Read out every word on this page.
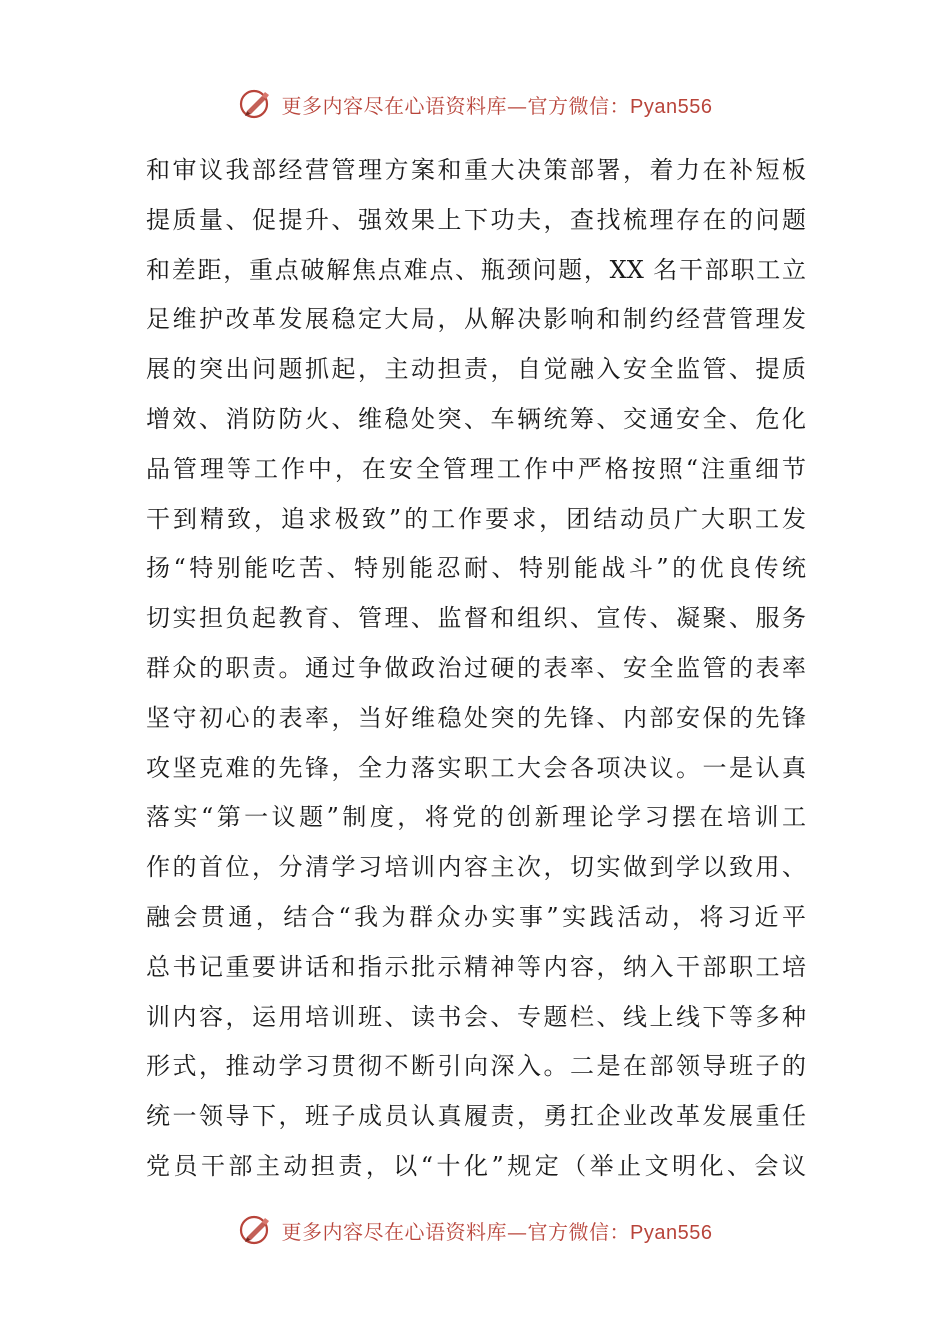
更多内容尽在心语资料库—官方微信：Pyan556
和审议我部经营管理方案和重大决策部署，着力在补短板
提质量、促提升、强效果上下功夫，查找梳理存在的问题
和差距，重点破解焦点难点、瓶颈问题，XX 名干部职工立
足维护改革发展稳定大局，从解决影响和制约经营管理发
展的突出问题抓起，主动担责，自觉融入安全监管、提质
增效、消防防火、维稳处突、车辆统筹、交通安全、危化
品管理等工作中，在安全管理工作中严格按照“注重细节
干到精致，追求极致”的工作要求，团结动员广大职工发
扬“特别能吃苦、特别能忍耐、特别能战斗”的优良传统
切实担负起教育、管理、监督和组织、宣传、凝聚、服务
群众的职责。通过争做政治过硬的表率、安全监管的表率
坚守初心的表率，当好维稳处突的先锋、内部安保的先锋
攻坚克难的先锋，全力落实职工大会各项决议。一是认真
落实“第一议题”制度，将党的创新理论学习摆在培训工
作的首位，分清学习培训内容主次，切实做到学以致用、
融会贯通，结合“我为群众办实事”实践活动，将习近平
总书记重要讲话和指示批示精神等内容，纳入干部职工培
训内容，运用培训班、读书会、专题栏、线上线下等多种
形式，推动学习贯彻不断引向深入。二是在部领导班子的
统一领导下，班子成员认真履责，勇扛企业改革发展重任
党员干部主动担责，以“十化”规定（举止文明化、会议
更多内容尽在心语资料库—官方微信：Pyan556
